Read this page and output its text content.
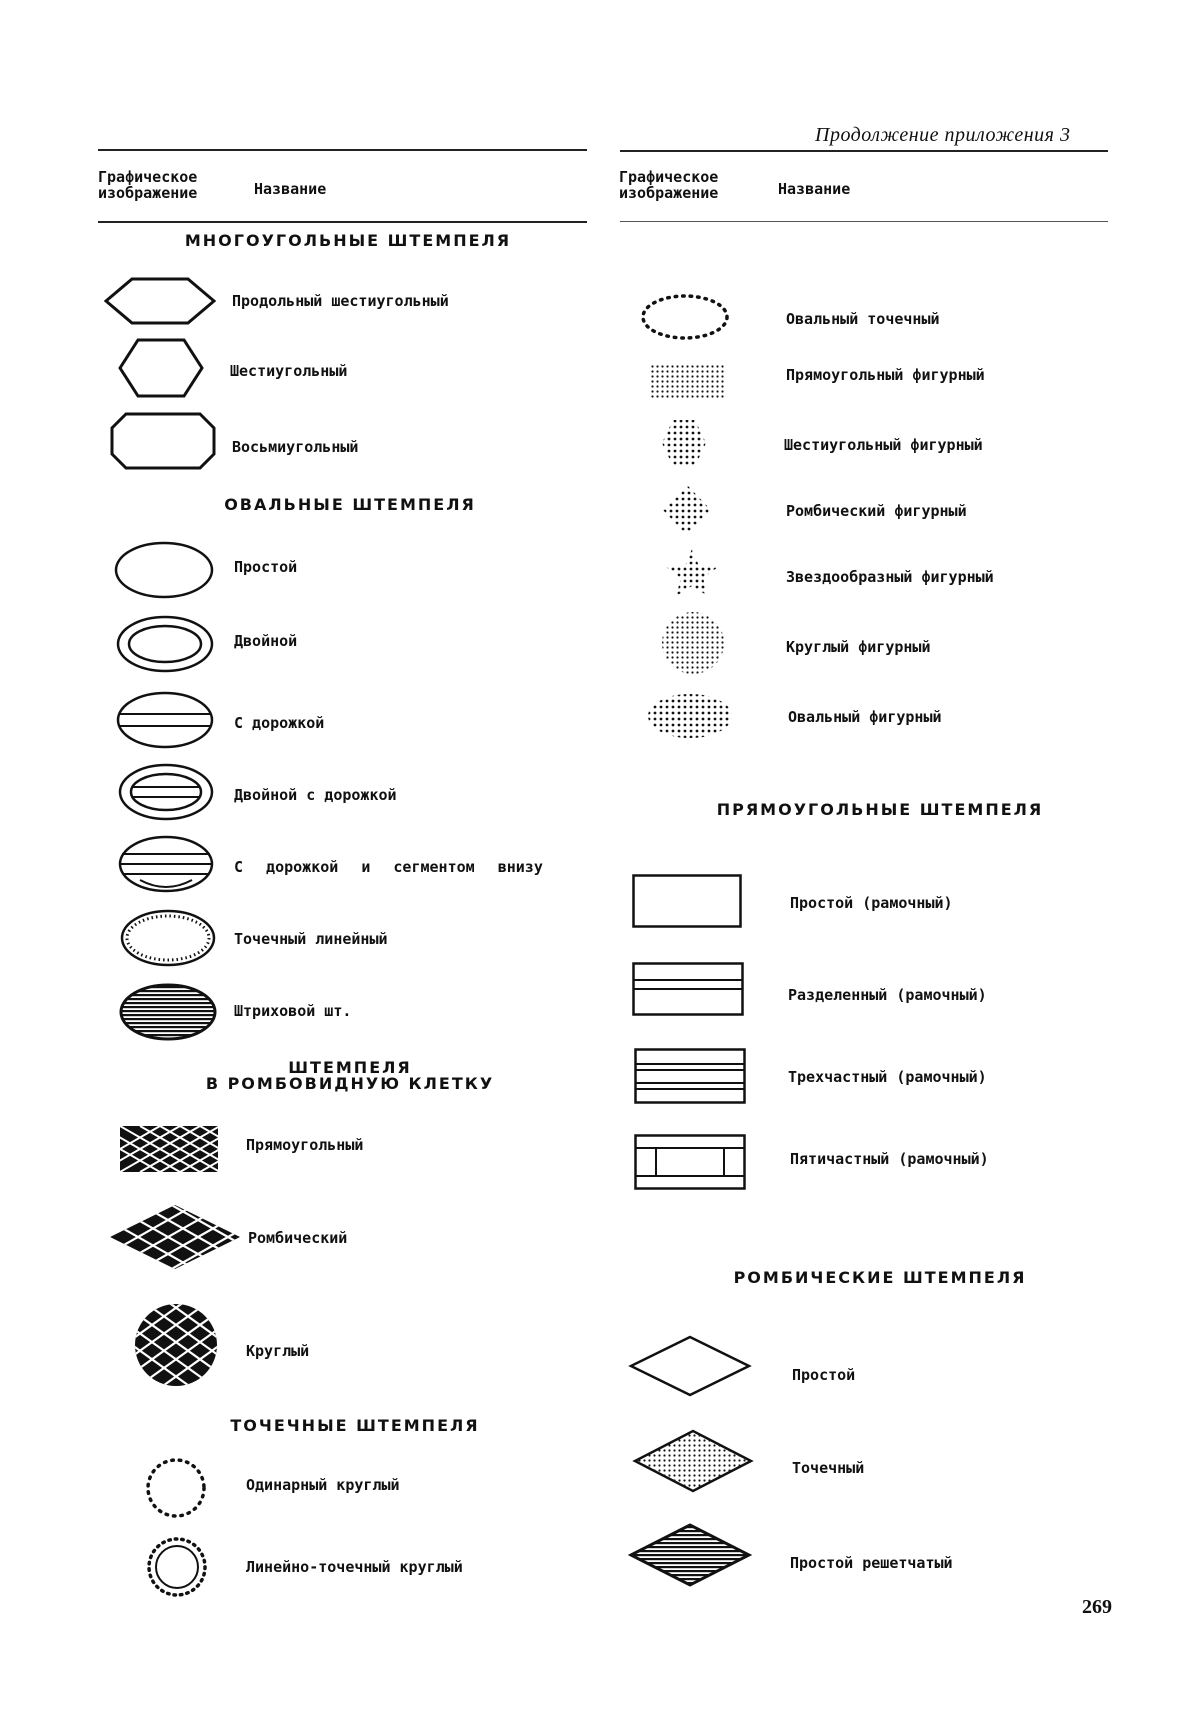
Продолжение приложения 3
Графическое изображение	Название
Графическое изображение	Название
МНОГОУГОЛЬНЫЕ ШТЕМПЕЛЯ
Продольный шестиугольный
Шестиугольный
Восьмиугольный
ОВАЛЬНЫЕ ШТЕМПЕЛЯ
Простой
Двойной
С дорожкой
Двойной с дорожкой
С дорожкой и сегментом внизу
Точечный линейный
Штриховой шт.
ШТЕМПЕЛЯ
В РОМБОВИДНУЮ КЛЕТКУ
Прямоугольный
Ромбический
Круглый
ТОЧЕЧНЫЕ ШТЕМПЕЛЯ
Одинарный круглый
Линейно-точечный круглый
Овальный точечный
Прямоугольный фигурный
Шестиугольный фигурный
Ромбический фигурный
Звездообразный фигурный
Круглый фигурный
Овальный фигурный
ПРЯМОУГОЛЬНЫЕ ШТЕМПЕЛЯ
Простой (рамочный)
Разделенный (рамочный)
Трехчастный (рамочный)
Пятичастный (рамочный)
РОМБИЧЕСКИЕ ШТЕМПЕЛЯ
Простой
Точечный
Простой решетчатый
269
